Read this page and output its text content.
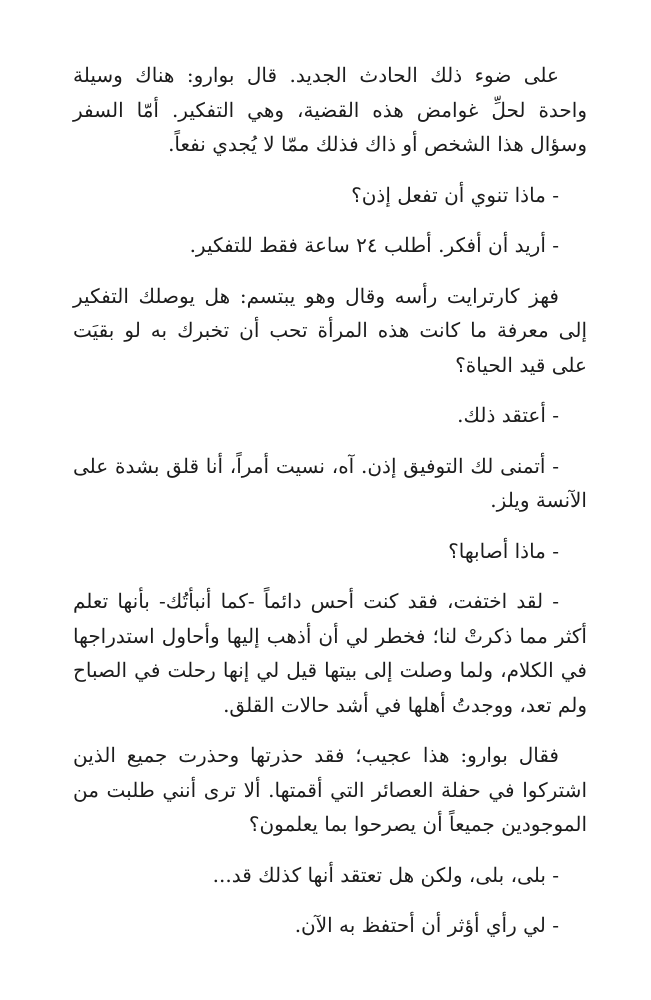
على ضوء ذلك الحادث الجديد. قال بوارو: هناك وسيلة واحدة لحلِّ غوامض هذه القضية، وهي التفكير. أمّا السفر وسؤال هذا الشخص أو ذاك فذلك ممّا لا يُجدي نفعاً.

- ماذا تنوي أن تفعل إذن؟

- أريد أن أفكر. أطلب ٢٤ ساعة فقط للتفكير.

فهز كارترايت رأسه وقال وهو يبتسم: هل يوصلك التفكير إلى معرفة ما كانت هذه المرأة تحب أن تخبرك به لو بقيَت على قيد الحياة؟

- أعتقد ذلك.

- أتمنى لك التوفيق إذن. آه، نسيت أمراً، أنا قلق بشدة على الآنسة ويلز.

- ماذا أصابها؟

- لقد اختفت، فقد كنت أحس دائماً -كما أنبأتُك- بأنها تعلم أكثر مما ذكرتْ لنا؛ فخطر لي أن أذهب إليها وأحاول استدراجها في الكلام، ولما وصلت إلى بيتها قيل لي إنها رحلت في الصباح ولم تعد، ووجدتُ أهلها في أشد حالات القلق.

فقال بوارو: هذا عجيب؛ فقد حذرتها وحذرت جميع الذين اشتركوا في حفلة العصائر التي أقمتها. ألا ترى أنني طلبت من الموجودين جميعاً أن يصرحوا بما يعلمون؟

- بلى، بلى، ولكن هل تعتقد أنها كذلك قد...

- لي رأي أؤثر أن أحتفظ به الآن.
